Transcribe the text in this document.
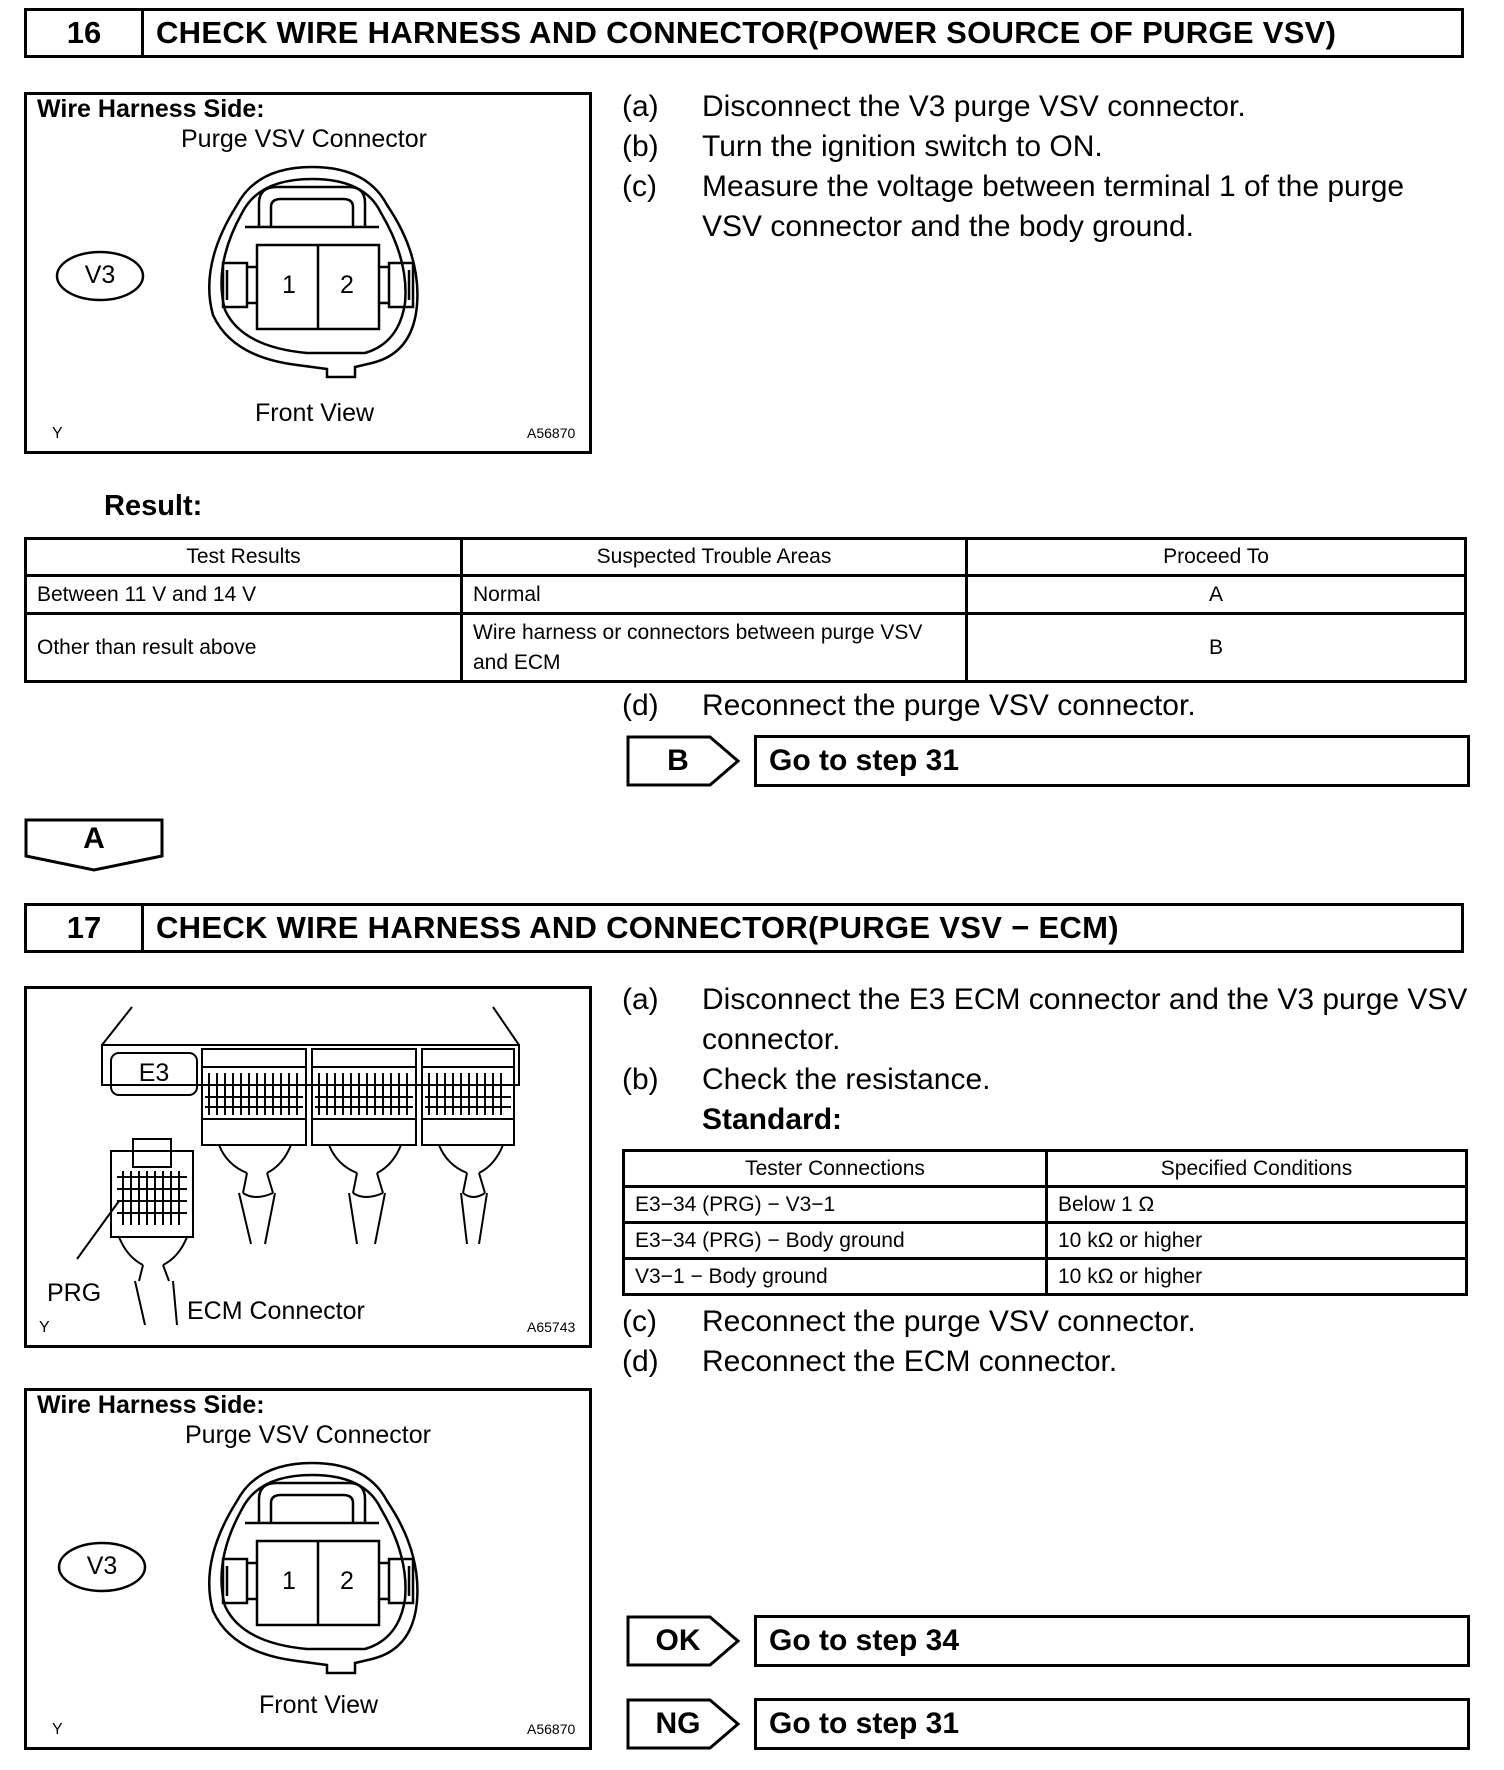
16	CHECK WIRE HARNESS AND CONNECTOR(POWER SOURCE OF PURGE VSV)
Wire Harness Side:
Purge VSV Connector
V3	1	2
Front View
Y	A56870
(a)	Disconnect the V3 purge VSV connector.
(b)	Turn the ignition switch to ON.
(c)	Measure the voltage between terminal 1 of the purge VSV connector and the body ground.
Result:
Test Results	Suspected Trouble Areas	Proceed To
Between 11 V and 14 V	Normal	A
Other than result above	Wire harness or connectors between purge VSV and ECM	B
(d)	Reconnect the purge VSV connector.
B	Go to step 31
A
17	CHECK WIRE HARNESS AND CONNECTOR(PURGE VSV − ECM)
E3
PRG
ECM Connector
Y	A65743
Wire Harness Side:
Purge VSV Connector
V3
1	2
Front View
Y	A56870
(a)	Disconnect the E3 ECM connector and the V3 purge VSV connector.
(b)	Check the resistance.
Standard:
Tester Connections	Specified Conditions
E3−34 (PRG) − V3−1	Below 1 Ω
E3−34 (PRG) − Body ground	10 kΩ or higher
V3−1 − Body ground	10 kΩ or higher
(c)	Reconnect the purge VSV connector.
(d)	Reconnect the ECM connector.
OK	Go to step 34
NG	Go to step 31
